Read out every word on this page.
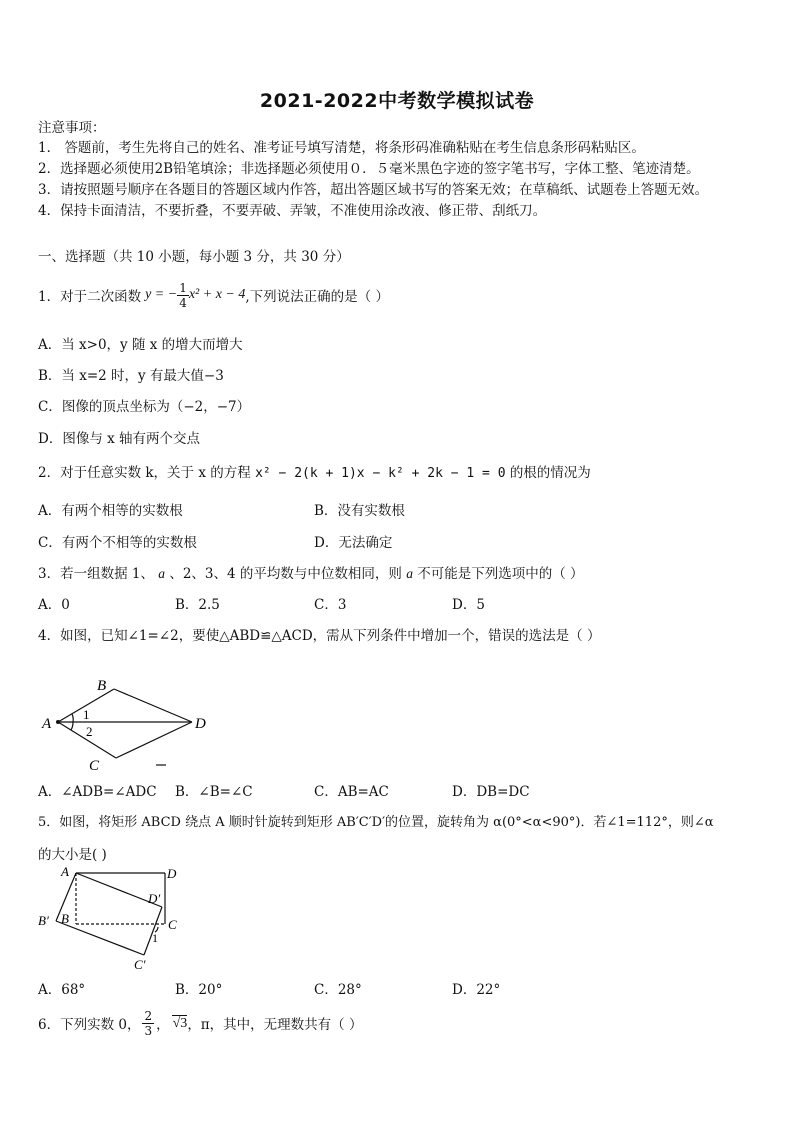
2021-2022中考数学模拟试卷
注意事项：
1． 答题前，考生先将自己的姓名、准考证号填写清楚，将条形码准确粘贴在考生信息条形码粘贴区。
2．选择题必须使用2B铅笔填涂；非选择题必须使用０．５毫米黑色字迹的签字笔书写，字体工整、笔迹清楚。
3．请按照题号顺序在各题目的答题区域内作答，超出答题区域书写的答案无效；在草稿纸、试题卷上答题无效。
4．保持卡面清洁，不要折叠，不要弄破、弄皱，不准使用涂改液、修正带、刮纸刀。
一、选择题（共 10 小题，每小题 3 分，共 30 分）
1．对于二次函数 y = − $\frac{1}{4} x^2 + x - 4$ ,下列说法正确的是（ ）
A．当 x>0，y 随 x 的增大而增大
B．当 x=2 时，y 有最大值−3
C．图像的顶点坐标为（−2，−7）
D．图像与 x 轴有两个交点
2．对于任意实数 k，关于 x 的方程 x² − 2(k + 1)x − k² + 2k − 1 = 0 的根的情况为
A．有两个相等的实数根	B．没有实数根
C．有两个不相等的实数根	D．无法确定
3．若一组数据 1、 a 、2、3、4 的平均数与中位数相同，则 a 不可能是下列选项中的（ ）
A．0	B．2.5	C．3	D．5
4．如图，已知∠1=∠2，要使△ABD≌△ACD，需从下列条件中增加一个，错误的选法是（ ）
A
B
C
D
1
2
A．∠ADB=∠ADC B．∠B=∠C	C．AB=AC	D．DB=DC
5．如图，将矩形 ABCD 绕点 A 顺时针旋转到矩形 AB′C′D′的位置，旋转角为 α(0°<α<90°)．若∠1=112°，则∠α
的大小是( )
A	D
D′
B′ B	C
1
C′
A．68°	B．20°	C．28°	D．22°
6．下列实数 0， $\frac{2}{3}$ ， √3 ，π，其中，无理数共有（ ）
